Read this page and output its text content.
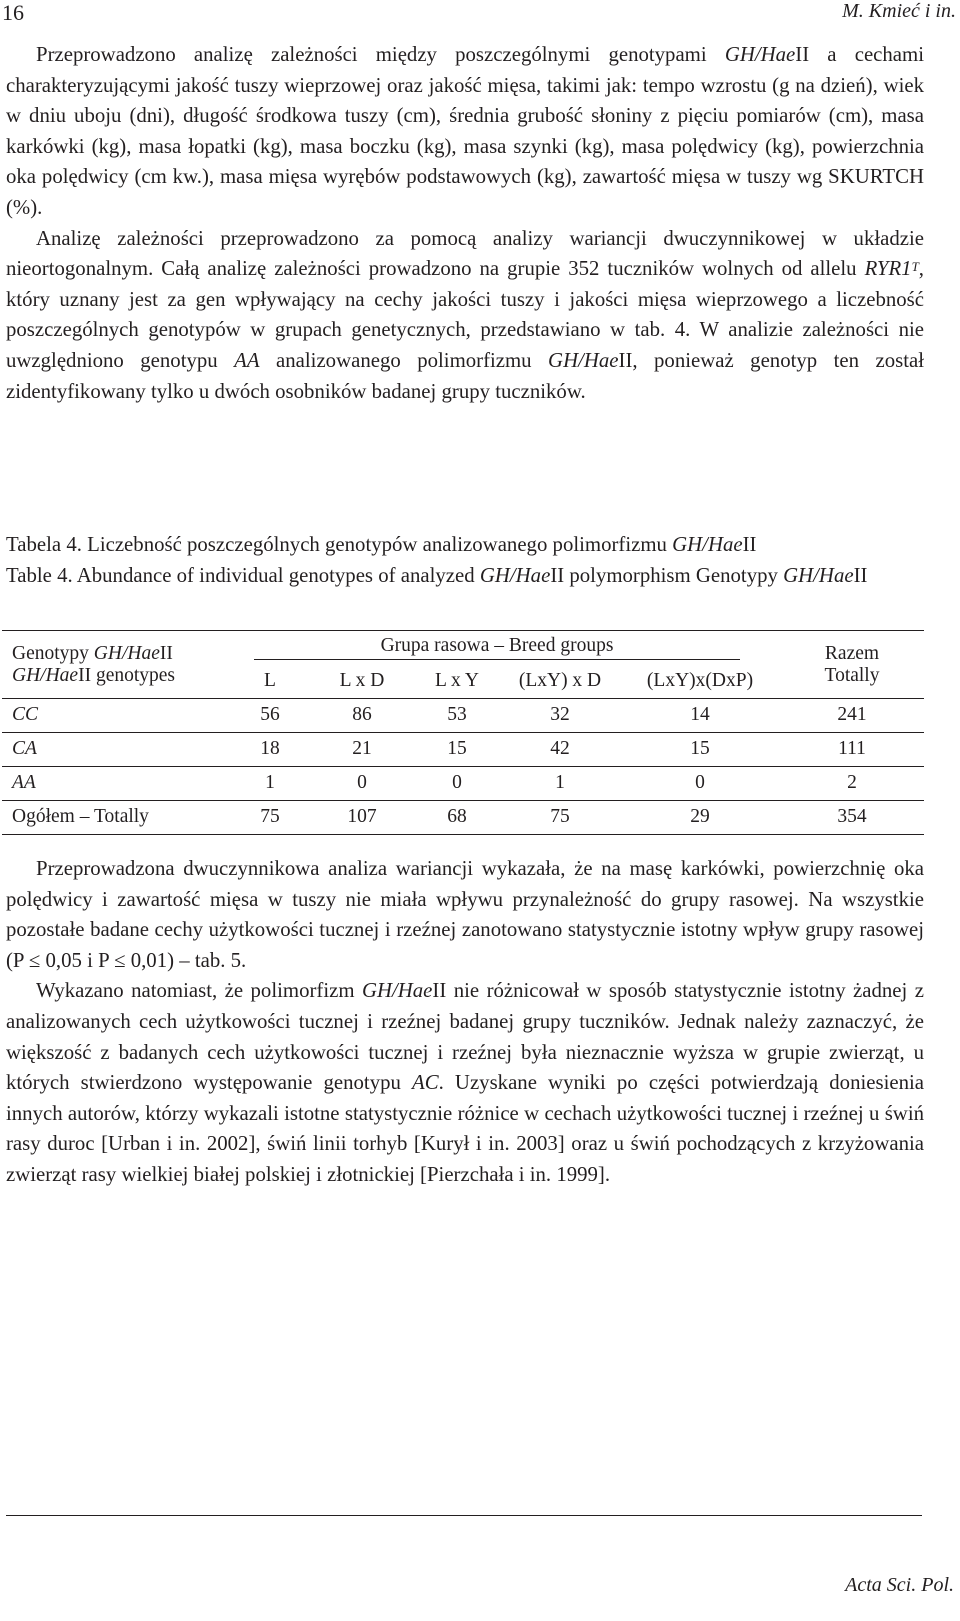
16	M. Kmieć i in.

Przeprowadzono analizę zależności między poszczególnymi genotypami GH/HaeII a cechami charakteryzującymi jakość tuszy wieprzowej oraz jakość mięsa, takimi jak: tempo wzrostu (g na dzień), wiek w dniu uboju (dni), długość środkowa tuszy (cm), średnia grubość słoniny z pięciu pomiarów (cm), masa karkówki (kg), masa łopatki (kg), masa boczku (kg), masa szynki (kg), masa polędwicy (kg), powierzchnia oka polędwicy (cm kw.), masa mięsa wyrębów podstawowych (kg), zawartość mięsa w tuszy wg SKURTCH (%).

Analizę zależności przeprowadzono za pomocą analizy wariancji dwuczynnikowej w układzie nieortogonalnym. Całą analizę zależności prowadzono na grupie 352 tuczników wolnych od allelu $RYR1^T$, który uznany jest za gen wpływający na cechy jakości tuszy i jakości mięsa wieprzowego a liczebność poszczególnych genotypów w grupach genetycznych, przedstawiano w tab. 4. W analizie zależności nie uwzględniono genotypu AA analizowanego polimorfizmu GH/HaeII, ponieważ genotyp ten został zidentyfikowany tylko u dwóch osobników badanej grupy tuczników.

Tabela 4. Liczebność poszczególnych genotypów analizowanego polimorfizmu GH/HaeII

Table 4. Abundance of individual genotypes of analyzed GH/HaeII polymorphism Genotypy GH/HaeII

Genotypy GH/HaeII	Grupa rasowa – Breed groups					Razem
GH/HaeII genotypes	L	L x D	L x Y	(LxY) x D	(LxY)x(DxP)	Totally
CC	56	86	53	32	14	241
CA	18	21	15	42	15	111
AA	1	0	0	1	0	2
Ogółem – Totally	75	107	68	75	29	354

Przeprowadzona dwuczynnikowa analiza wariancji wykazała, że na masę karkówki, powierzchnię oka polędwicy i zawartość mięsa w tuszy nie miała wpływu przynależność do grupy rasowej. Na wszystkie pozostałe badane cechy użytkowości tucznej i rzeźnej zanotowano statystycznie istotny wpływ grupy rasowej (P ≤ 0,05 i P ≤ 0,01) – tab. 5.

Wykazano natomiast, że polimorfizm GH/HaeII nie różnicował w sposób statystycznie istotny żadnej z analizowanych cech użytkowości tucznej i rzeźnej badanej grupy tuczników. Jednak należy zaznaczyć, że większość z badanych cech użytkowości tucznej i rzeźnej była nieznacznie wyższa w grupie zwierząt, u których stwierdzono występowanie genotypu AC. Uzyskane wyniki po części potwierdzają doniesienia innych autorów, którzy wykazali istotne statystycznie różnice w cechach użytkowości tucznej i rzeźnej u świń rasy duroc [Urban i in. 2002], świń linii torhyb [Kurył i in. 2003] oraz u świń pochodzących z krzyżowania zwierząt rasy wielkiej białej polskiej i złotnickiej [Pierzchała i in. 1999].

Acta Sci. Pol.
